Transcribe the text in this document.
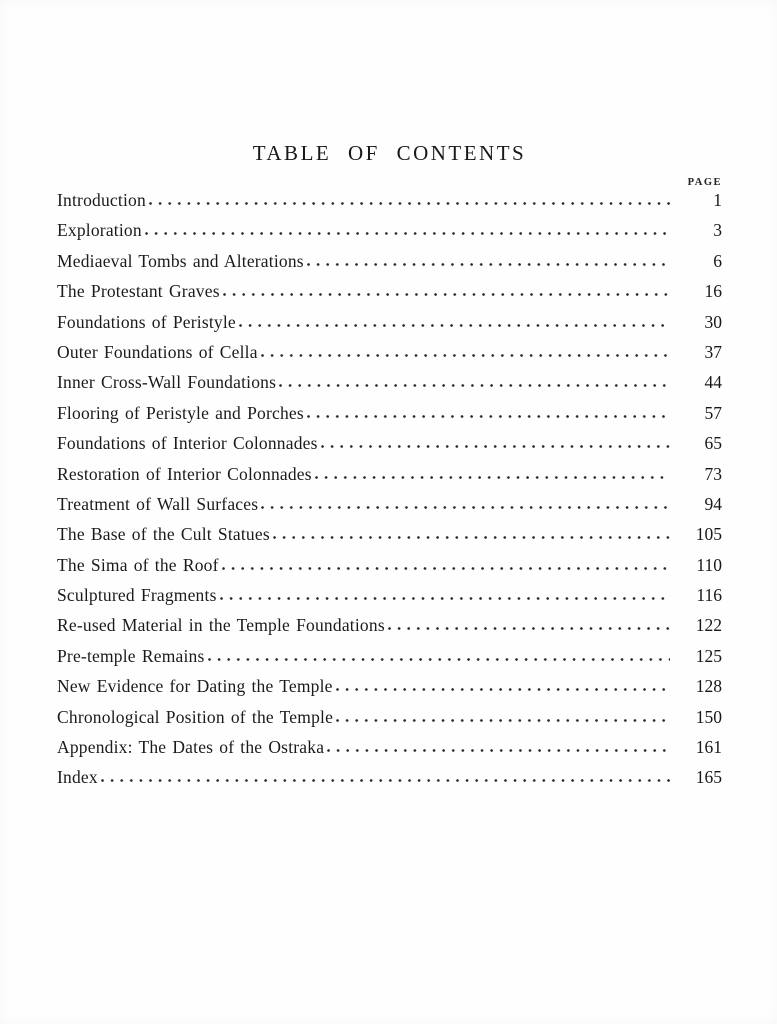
TABLE OF CONTENTS
PAGE
Introduction	1
Exploration	3
Mediaeval Tombs and Alterations	6
The Protestant Graves	16
Foundations of Peristyle	30
Outer Foundations of Cella	37
Inner Cross-Wall Foundations	44
Flooring of Peristyle and Porches	57
Foundations of Interior Colonnades	65
Restoration of Interior Colonnades	73
Treatment of Wall Surfaces	94
The Base of the Cult Statues	105
The Sima of the Roof	110
Sculptured Fragments	116
Re-used Material in the Temple Foundations	122
Pre-temple Remains	125
New Evidence for Dating the Temple	128
Chronological Position of the Temple	150
Appendix: The Dates of the Ostraka	161
Index	165
